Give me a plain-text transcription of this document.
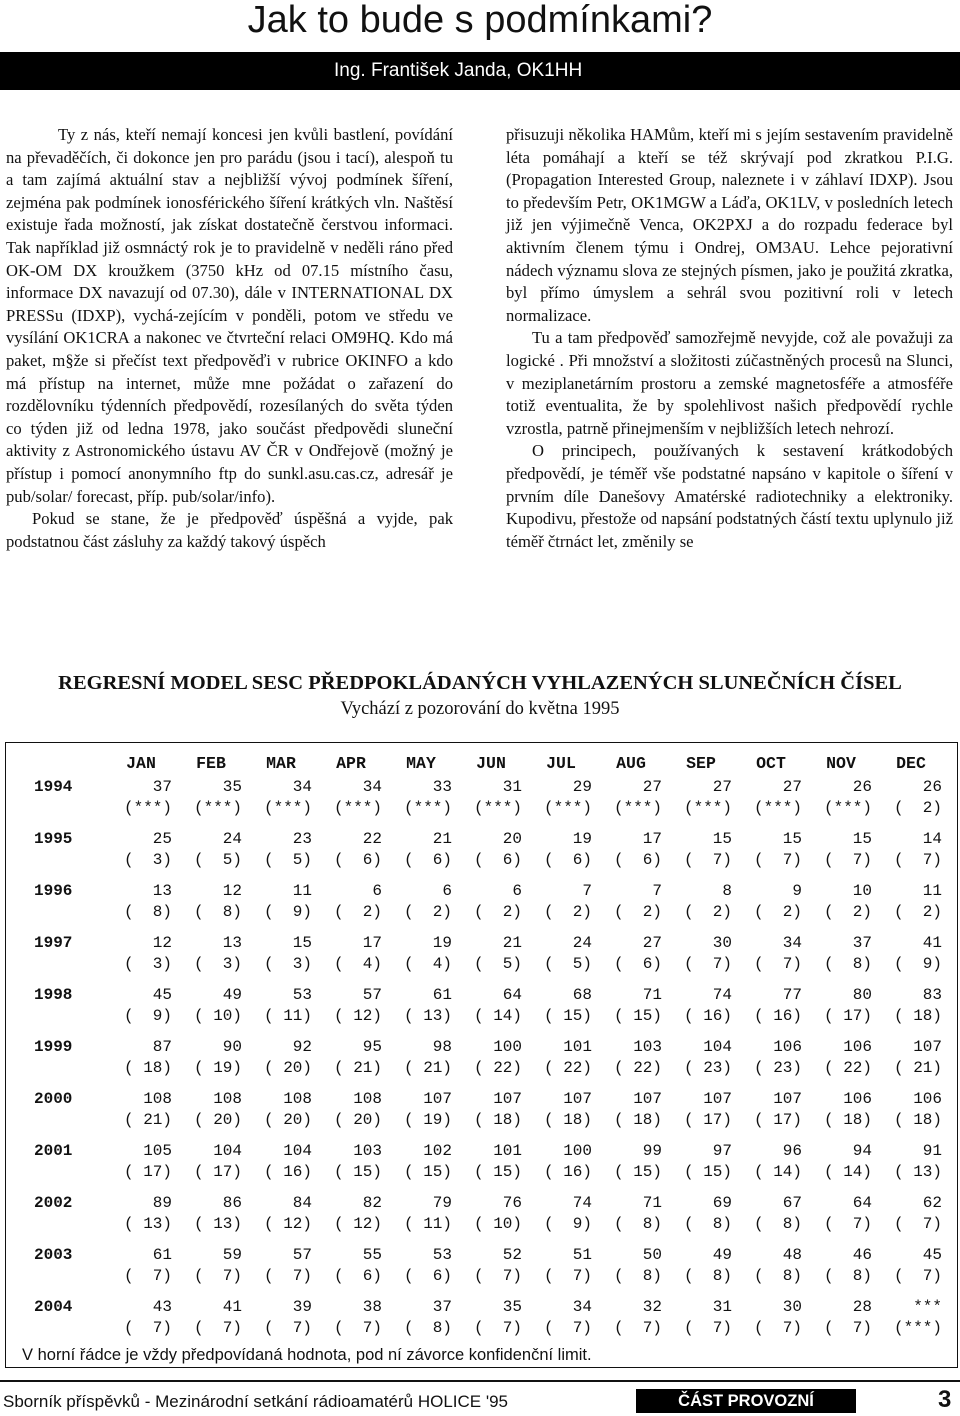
Jak to bude s podmínkami?
Ing. František Janda, OK1HH

Ty z nás, kteří nemají koncesi jen kvůli bastlení, povídání na převaděčích, či dokonce jen pro parádu (jsou i tací), alespoň tu a tam zajímá aktuální stav a nejbližší vývoj podmínek šíření, zejména pak podmínek ionosférického šíření krátkých vln. Naštěsí existuje řada možností, jak získat dostatečně čerstvou informaci. Tak například již osmnáctý rok je to pravidelně v neděli ráno před OK-OM DX kroužkem (3750 kHz od 07.15 místního času, informace DX navazují od 07.30), dále v INTERNATIONAL DX PRESSu (IDXP), vychá-zejícím v ponděli, potom ve středu ve vysílání OK1CRA a nakonec ve čtvrteční relaci OM9HQ. Kdo má paket, m§že si přečíst text předpověďi v rubrice OKINFO a kdo má přístup na internet, může mne požádat o zařazení do rozdělovníku týdenních předpovědí, rozesílaných do světa týden co týden již od ledna 1978, jako součást předpovědi sluneční aktivity z Astronomického ústavu AV ČR v Ondřejově (možný je přístup i pomocí anonymního ftp do sunkl.asu.cas.cz, adresář je pub/solar/ forecast, příp. pub/solar/info).

Pokud se stane, že je předpověď úspěšná a vyjde, pak podstatnou část zásluhy za každý takový úspěch

přisuzuji několika HAMům, kteří mi s jejím sestavením pravidelně léta pomáhají a kteří se též skrývají pod zkratkou P.I.G. (Propagation Interested Group, naleznete i v záhlaví IDXP). Jsou to především Petr, OK1MGW a Láďa, OK1LV, v posledních letech již jen výjimečně Venca, OK2PXJ a do rozpadu federace byl aktivním členem týmu i Ondrej, OM3AU. Lehce pejorativní nádech významu slova ze stejných písmen, jako je použitá zkratka, byl přímo úmyslem a sehrál svou pozitivní roli v letech normalizace.

Tu a tam předpověď samozřejmě nevyjde, což ale považuji za logické . Při množství a složitosti zúčastněných procesů na Slunci, v meziplanetárním prostoru a zemské magnetosféře a atmosféře totiž eventualita, že by spolehlivost našich předpovědí rychle vzrostla, patrně přinejmenším v nejbližších letech nehrozí.

O principech, používaných k sestavení krátkodobých předpovědí, je téměř vše podstatné napsáno v kapitole o šíření v prvním díle Danešovy Amatérské radiotechniky a elektroniky. Kupodivu, přestože od napsání podstatných částí textu uplynulo již téměř čtrnáct let, změnily se

REGRESNÍ MODEL SESC PŘEDPOKLÁDANÝCH VYHLAZENÝCH SLUNEČNÍCH ČÍSEL
Vychází z pozorování do května 1995
	JAN	FEB	MAR	APR	MAY	JUN	JUL	AUG	SEP	OCT	NOV	DEC
1994	37	35	34	34	33	31	29	27	27	27	26	26
	(***)	(***)	(***)	(***)	(***)	(***)	(***)	(***)	(***)	(***)	(***)	(  2)

1995	25	24	23	22	21	20	19	17	15	15	15	14
	(  3)	(  5)	(  5)	(  6)	(  6)	(  6)	(  6)	(  6)	(  7)	(  7)	(  7)	(  7)

1996	13	12	11	6	6	6	7	7	8	9	10	11
	(  8)	(  8)	(  9)	(  2)	(  2)	(  2)	(  2)	(  2)	(  2)	(  2)	(  2)	(  2)

1997	12	13	15	17	19	21	24	27	30	34	37	41
	(  3)	(  3)	(  3)	(  4)	(  4)	(  5)	(  5)	(  6)	(  7)	(  7)	(  8)	(  9)

1998	45	49	53	57	61	64	68	71	74	77	80	83
	(  9)	( 10)	( 11)	( 12)	( 13)	( 14)	( 15)	( 15)	( 16)	( 16)	( 17)	( 18)

1999	87	90	92	95	98	100	101	103	104	106	106	107
	( 18)	( 19)	( 20)	( 21)	( 21)	( 22)	( 22)	( 22)	( 23)	( 23)	( 22)	( 21)

2000	108	108	108	108	107	107	107	107	107	107	106	106
	( 21)	( 20)	( 20)	( 20)	( 19)	( 18)	( 18)	( 18)	( 17)	( 17)	( 18)	( 18)

2001	105	104	104	103	102	101	100	99	97	96	94	91
	( 17)	( 17)	( 16)	( 15)	( 15)	( 15)	( 16)	( 15)	( 15)	( 14)	( 14)	( 13)

2002	89	86	84	82	79	76	74	71	69	67	64	62
	( 13)	( 13)	( 12)	( 12)	( 11)	( 10)	(  9)	(  8)	(  8)	(  8)	(  7)	(  7)

2003	61	59	57	55	53	52	51	50	49	48	46	45
	(  7)	(  7)	(  7)	(  6)	(  6)	(  7)	(  7)	(  8)	(  8)	(  8)	(  8)	(  7)

2004	43	41	39	38	37	35	34	32	31	30	28	***
	(  7)	(  7)	(  7)	(  7)	(  8)	(  7)	(  7)	(  7)	(  7)	(  7)	(  7)	(***)
V horní řádce je vždy předpovídaná hodnota, pod ní závorce konfidenční limit.
Sborník příspěvků - Mezinárodní setkání rádioamatérů HOLICE '95	ČÁST PROVOZNÍ	3
